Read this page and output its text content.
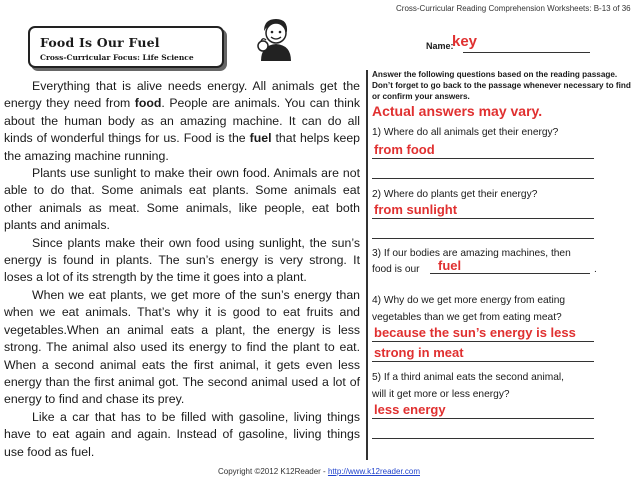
Cross-Curricular Reading Comprehension Worksheets: B-13 of 36
Food Is Our Fuel
Cross-Curricular Focus: Life Science
Name:
key

Everything that is alive needs energy. All animals get the energy they need from food. People are animals. You can think about the human body as an amazing machine. It can do all kinds of wonderful things for us. Food is the fuel that helps keep the amazing machine running.

Plants use sunlight to make their own food. Animals are not able to do that. Some animals eat plants. Some animals eat other animals as meat. Some animals, like people, eat both plants and animals.

Since plants make their own food using sunlight, the sun’s energy is found in plants. The sun’s energy is very strong. It loses a lot of its strength by the time it goes into a plant.

When we eat plants, we get more of the sun’s energy than when we eat animals. That’s why it is good to eat fruits and vegetables.When an animal eats a plant, the energy is less strong. The animal also used its energy to find the plant to eat. When a second animal eats the first animal, it gets even less energy than the first animal got. The second animal used a lot of energy to find and chase its prey.

Like a car that has to be filled with gasoline, living things have to eat again and again. Instead of gasoline, living things use food as fuel.

Answer the following questions based on the reading passage. Don’t forget to go back to the passage whenever necessary to find or confirm your answers.
Actual answers may vary.
1) Where do all animals get their energy?
from food
2) Where do plants get their energy?
from sunlight
3) If our bodies are amazing machines, then
food is our fuel	.
4) Why do we get more energy from eating
vegetables than we get from eating meat?
because the sun’s energy is less
strong in meat
5) If a third animal eats the second animal,
will it get more or less energy?
less energy
Copyright ©2012 K12Reader - http://www.k12reader.com
